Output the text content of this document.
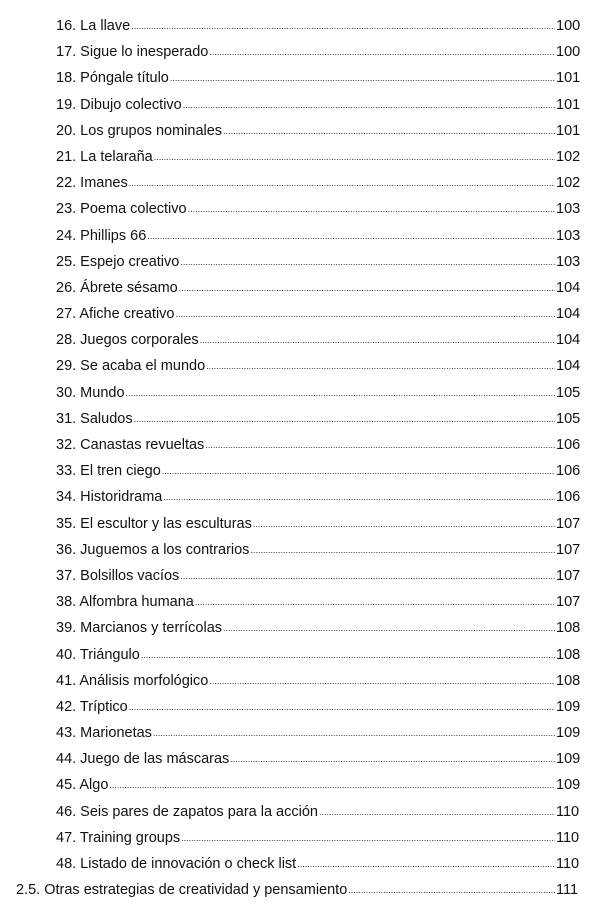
16. La llave .....	100
17. Sigue lo inesperado .....	100
18. Póngale título .....	101
19. Dibujo colectivo .....	101
20. Los grupos nominales .....	101
21. La telaraña .....	102
22. Imanes .....	102
23. Poema colectivo .....	103
24. Phillips 66 .....	103
25. Espejo creativo .....	103
26. Ábrete sésamo .....	104
27. Afiche creativo .....	104
28. Juegos corporales .....	104
29. Se acaba el mundo .....	104
30. Mundo .....	105
31. Saludos .....	105
32. Canastas revueltas .....	106
33. El tren ciego .....	106
34. Historidrama .....	106
35. El escultor y las esculturas .....	107
36. Juguemos a los contrarios .....	107
37. Bolsillos vacíos .....	107
38. Alfombra humana .....	107
39. Marcianos y terrícolas .....	108
40. Triángulo .....	108
41. Análisis morfológico .....	108
42. Tríptico .....	109
43. Marionetas .....	109
44. Juego de las máscaras .....	109
45. Algo .....	109
46. Seis pares de zapatos para la acción .....	110
47. Training groups .....	110
48. Listado de innovación o check list .....	110
2.5. Otras estrategias de creatividad y pensamiento .....	111
